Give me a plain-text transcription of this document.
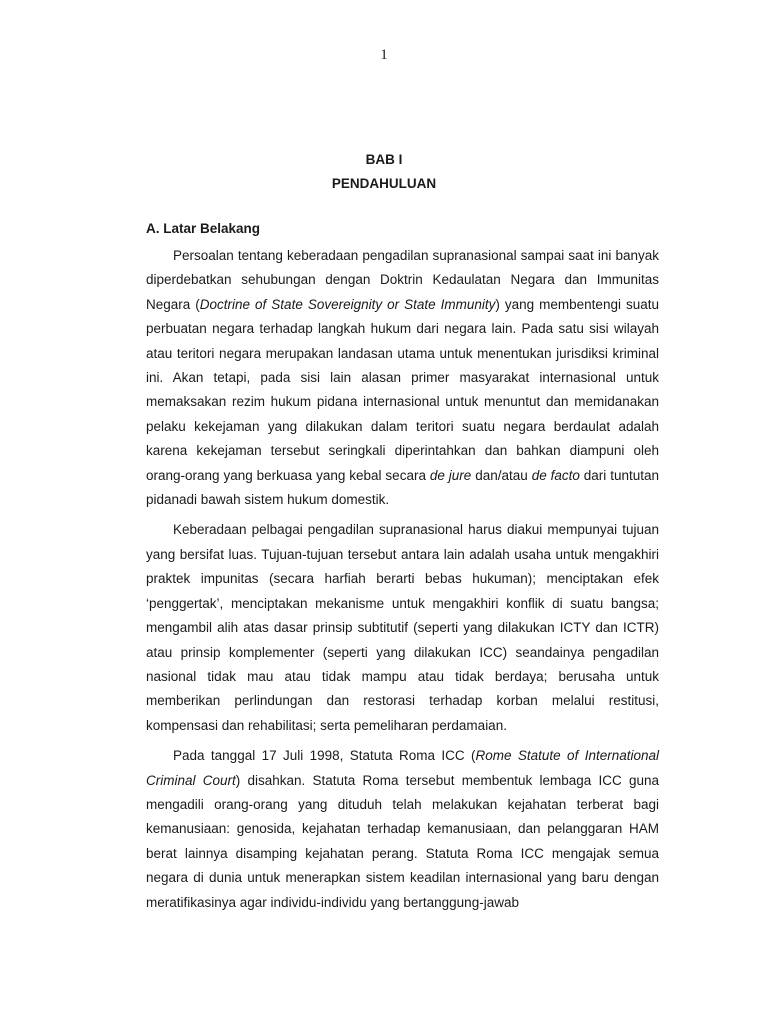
1
BAB I
PENDAHULUAN
A. Latar Belakang

Persoalan tentang keberadaan pengadilan supranasional sampai saat ini banyak diperdebatkan sehubungan dengan Doktrin Kedaulatan Negara dan Immunitas Negara (Doctrine of State Sovereignity or State Immunity) yang membentengi suatu perbuatan negara terhadap langkah hukum dari negara lain. Pada satu sisi wilayah atau teritori negara merupakan landasan utama untuk menentukan jurisdiksi kriminal ini. Akan tetapi, pada sisi lain alasan primer masyarakat internasional untuk memaksakan rezim hukum pidana internasional untuk menuntut dan memidanakan pelaku kekejaman yang dilakukan dalam teritori suatu negara berdaulat adalah karena kekejaman tersebut seringkali diperintahkan dan bahkan diampuni oleh orang-orang yang berkuasa yang kebal secara de jure dan/atau de facto dari tuntutan pidanadi bawah sistem hukum domestik.

Keberadaan pelbagai pengadilan supranasional harus diakui mempunyai tujuan yang bersifat luas. Tujuan-tujuan tersebut antara lain adalah usaha untuk mengakhiri praktek impunitas (secara harfiah berarti bebas hukuman); menciptakan efek ‘penggertak’, menciptakan mekanisme untuk mengakhiri konflik di suatu bangsa; mengambil alih atas dasar prinsip subtitutif (seperti yang dilakukan ICTY dan ICTR) atau prinsip komplementer (seperti yang dilakukan ICC) seandainya pengadilan nasional tidak mau atau tidak mampu atau tidak berdaya; berusaha untuk memberikan perlindungan dan restorasi terhadap korban melalui restitusi, kompensasi dan rehabilitasi; serta pemeliharan perdamaian.

Pada tanggal 17 Juli 1998, Statuta Roma ICC (Rome Statute of International Criminal Court) disahkan. Statuta Roma tersebut membentuk lembaga ICC guna mengadili orang-orang yang dituduh telah melakukan kejahatan terberat bagi kemanusiaan: genosida, kejahatan terhadap kemanusiaan, dan pelanggaran HAM berat lainnya disamping kejahatan perang. Statuta Roma ICC mengajak semua negara di dunia untuk menerapkan sistem keadilan internasional yang baru dengan meratifikasinya agar individu-individu yang bertanggung-jawab
